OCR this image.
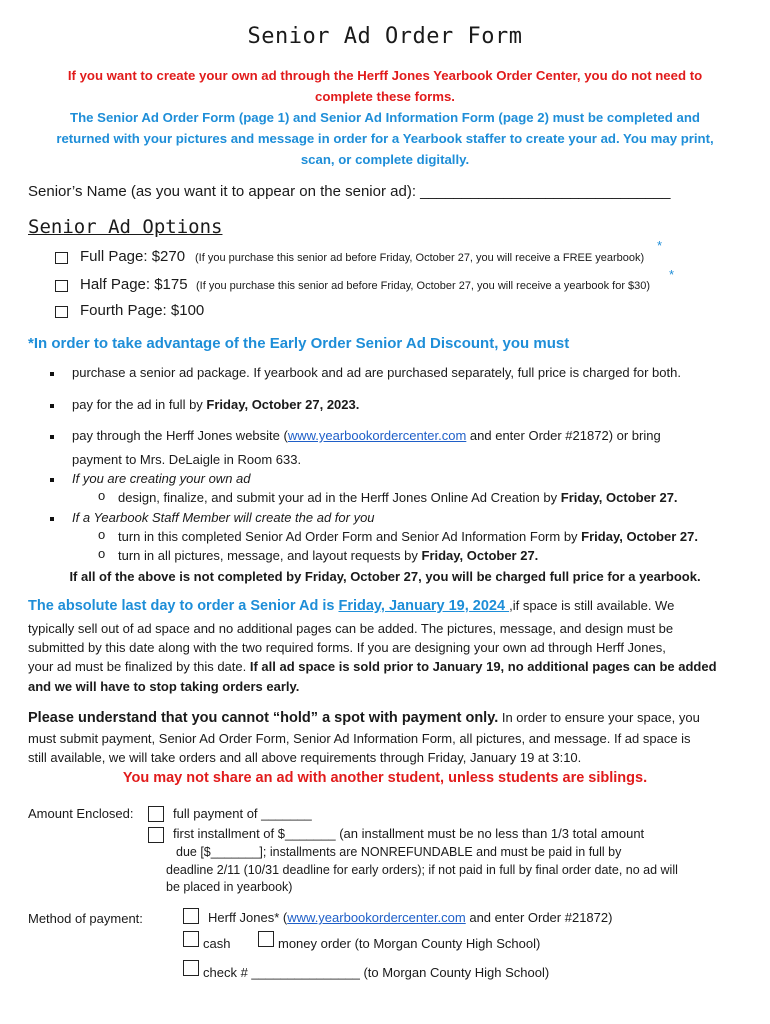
Senior Ad Order Form
If you want to create your own ad through the Herff Jones Yearbook Order Center, you do not need to
complete these forms.
The Senior Ad Order Form (page 1) and Senior Ad Information Form (page 2) must be completed and
returned with your pictures and message in order for a Yearbook staffer to create your ad. You may print,
scan, or complete digitally.
Senior’s Name (as you want it to appear on the senior ad): ______________________________
Senior Ad Options
Full Page: $270 (If you purchase this senior ad before Friday, October 27, you will receive a FREE yearbook)
*
Half Page: $175 (If you purchase this senior ad before Friday, October 27, you will receive a yearbook for $30)
*
Fourth Page: $100
*In order to take advantage of the Early Order Senior Ad Discount, you must
purchase a senior ad package. If yearbook and ad are purchased separately, full price is charged for both.
pay for the ad in full by Friday, October 27, 2023.
pay through the Herff Jones website (www.yearbookordercenter.com and enter Order #21872) or bring
payment to Mrs. DeLaigle in Room 633.
If you are creating your own ad
o design, finalize, and submit your ad in the Herff Jones Online Ad Creation by Friday, October 27.
If a Yearbook Staff Member will create the ad for you
o turn in this completed Senior Ad Order Form and Senior Ad Information Form by Friday, October 27.
o turn in all pictures, message, and layout requests by Friday, October 27.
If all of the above is not completed by Friday, October 27, you will be charged full price for a yearbook.
The absolute last day to order a Senior Ad is Friday, January 19, 2024 ,if space is still available. We
typically sell out of ad space and no additional pages can be added. The pictures, message, and design must be
submitted by this date along with the two required forms. If you are designing your own ad through Herff Jones,
your ad must be finalized by this date. If all ad space is sold prior to January 19, no additional pages can be added
and we will have to stop taking orders early.
Please understand that you cannot “hold” a spot with payment only. In order to ensure your space, you
must submit payment, Senior Ad Order Form, Senior Ad Information Form, all pictures, and message. If ad space is
still available, we will take orders and all above requirements through Friday, January 19 at 3:10.
You may not share an ad with another student, unless students are siblings.
Amount Enclosed:	full payment of _______
first installment of $_______ (an installment must be no less than 1/3 total amount
due [$_______]; installments are NONREFUNDABLE and must be paid in full by
deadline 2/11 (10/31 deadline for early orders); if not paid in full by final order date, no ad will
be placed in yearbook)
Method of payment:	Herff Jones* (www.yearbookordercenter.com and enter Order #21872)
cash	money order (to Morgan County High School)
check # _______________ (to Morgan County High School)
